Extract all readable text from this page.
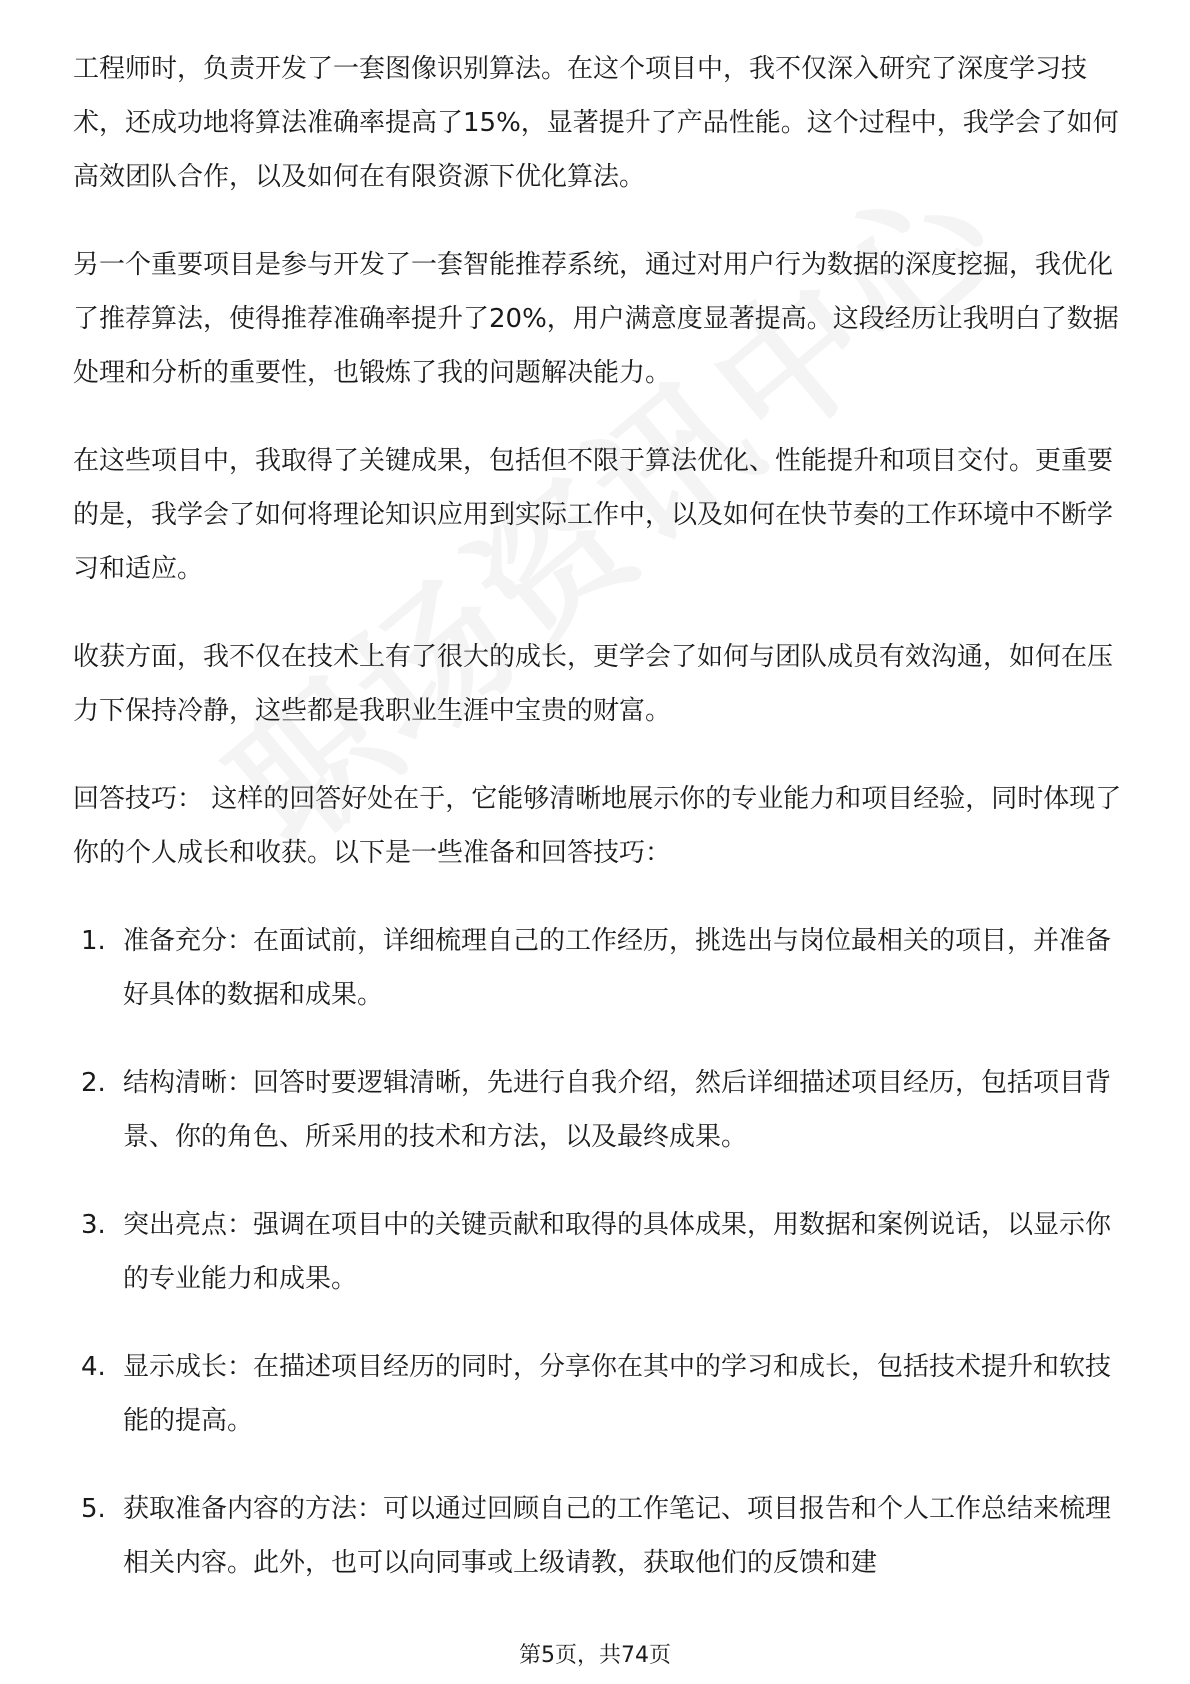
工程师时，负责开发了一套图像识别算法。在这个项目中，我不仅深入研究了深度学习技术，还成功地将算法准确率提高了15%，显著提升了产品性能。这个过程中，我学会了如何高效团队合作，以及如何在有限资源下优化算法。

另一个重要项目是参与开发了一套智能推荐系统，通过对用户行为数据的深度挖掘，我优化了推荐算法，使得推荐准确率提升了20%，用户满意度显著提高。这段经历让我明白了数据处理和分析的重要性，也锻炼了我的问题解决能力。

在这些项目中，我取得了关键成果，包括但不限于算法优化、性能提升和项目交付。更重要的是，我学会了如何将理论知识应用到实际工作中，以及如何在快节奏的工作环境中不断学习和适应。

收获方面，我不仅在技术上有了很大的成长，更学会了如何与团队成员有效沟通，如何在压力下保持冷静，这些都是我职业生涯中宝贵的财富。

回答技巧： 这样的回答好处在于，它能够清晰地展示你的专业能力和项目经验，同时体现了你的个人成长和收获。以下是一些准备和回答技巧：

1. 准备充分：在面试前，详细梳理自己的工作经历，挑选出与岗位最相关的项目，并准备好具体的数据和成果。
2. 结构清晰：回答时要逻辑清晰，先进行自我介绍，然后详细描述项目经历，包括项目背景、你的角色、所采用的技术和方法，以及最终成果。
3. 突出亮点：强调在项目中的关键贡献和取得的具体成果，用数据和案例说话，以显示你的专业能力和成果。
4. 显示成长：在描述项目经历的同时，分享你在其中的学习和成长，包括技术提升和软技能的提高。
5. 获取准备内容的方法：可以通过回顾自己的工作笔记、项目报告和个人工作总结来梳理相关内容。此外，也可以向同事或上级请教，获取他们的反馈和建
第5页，共74页
